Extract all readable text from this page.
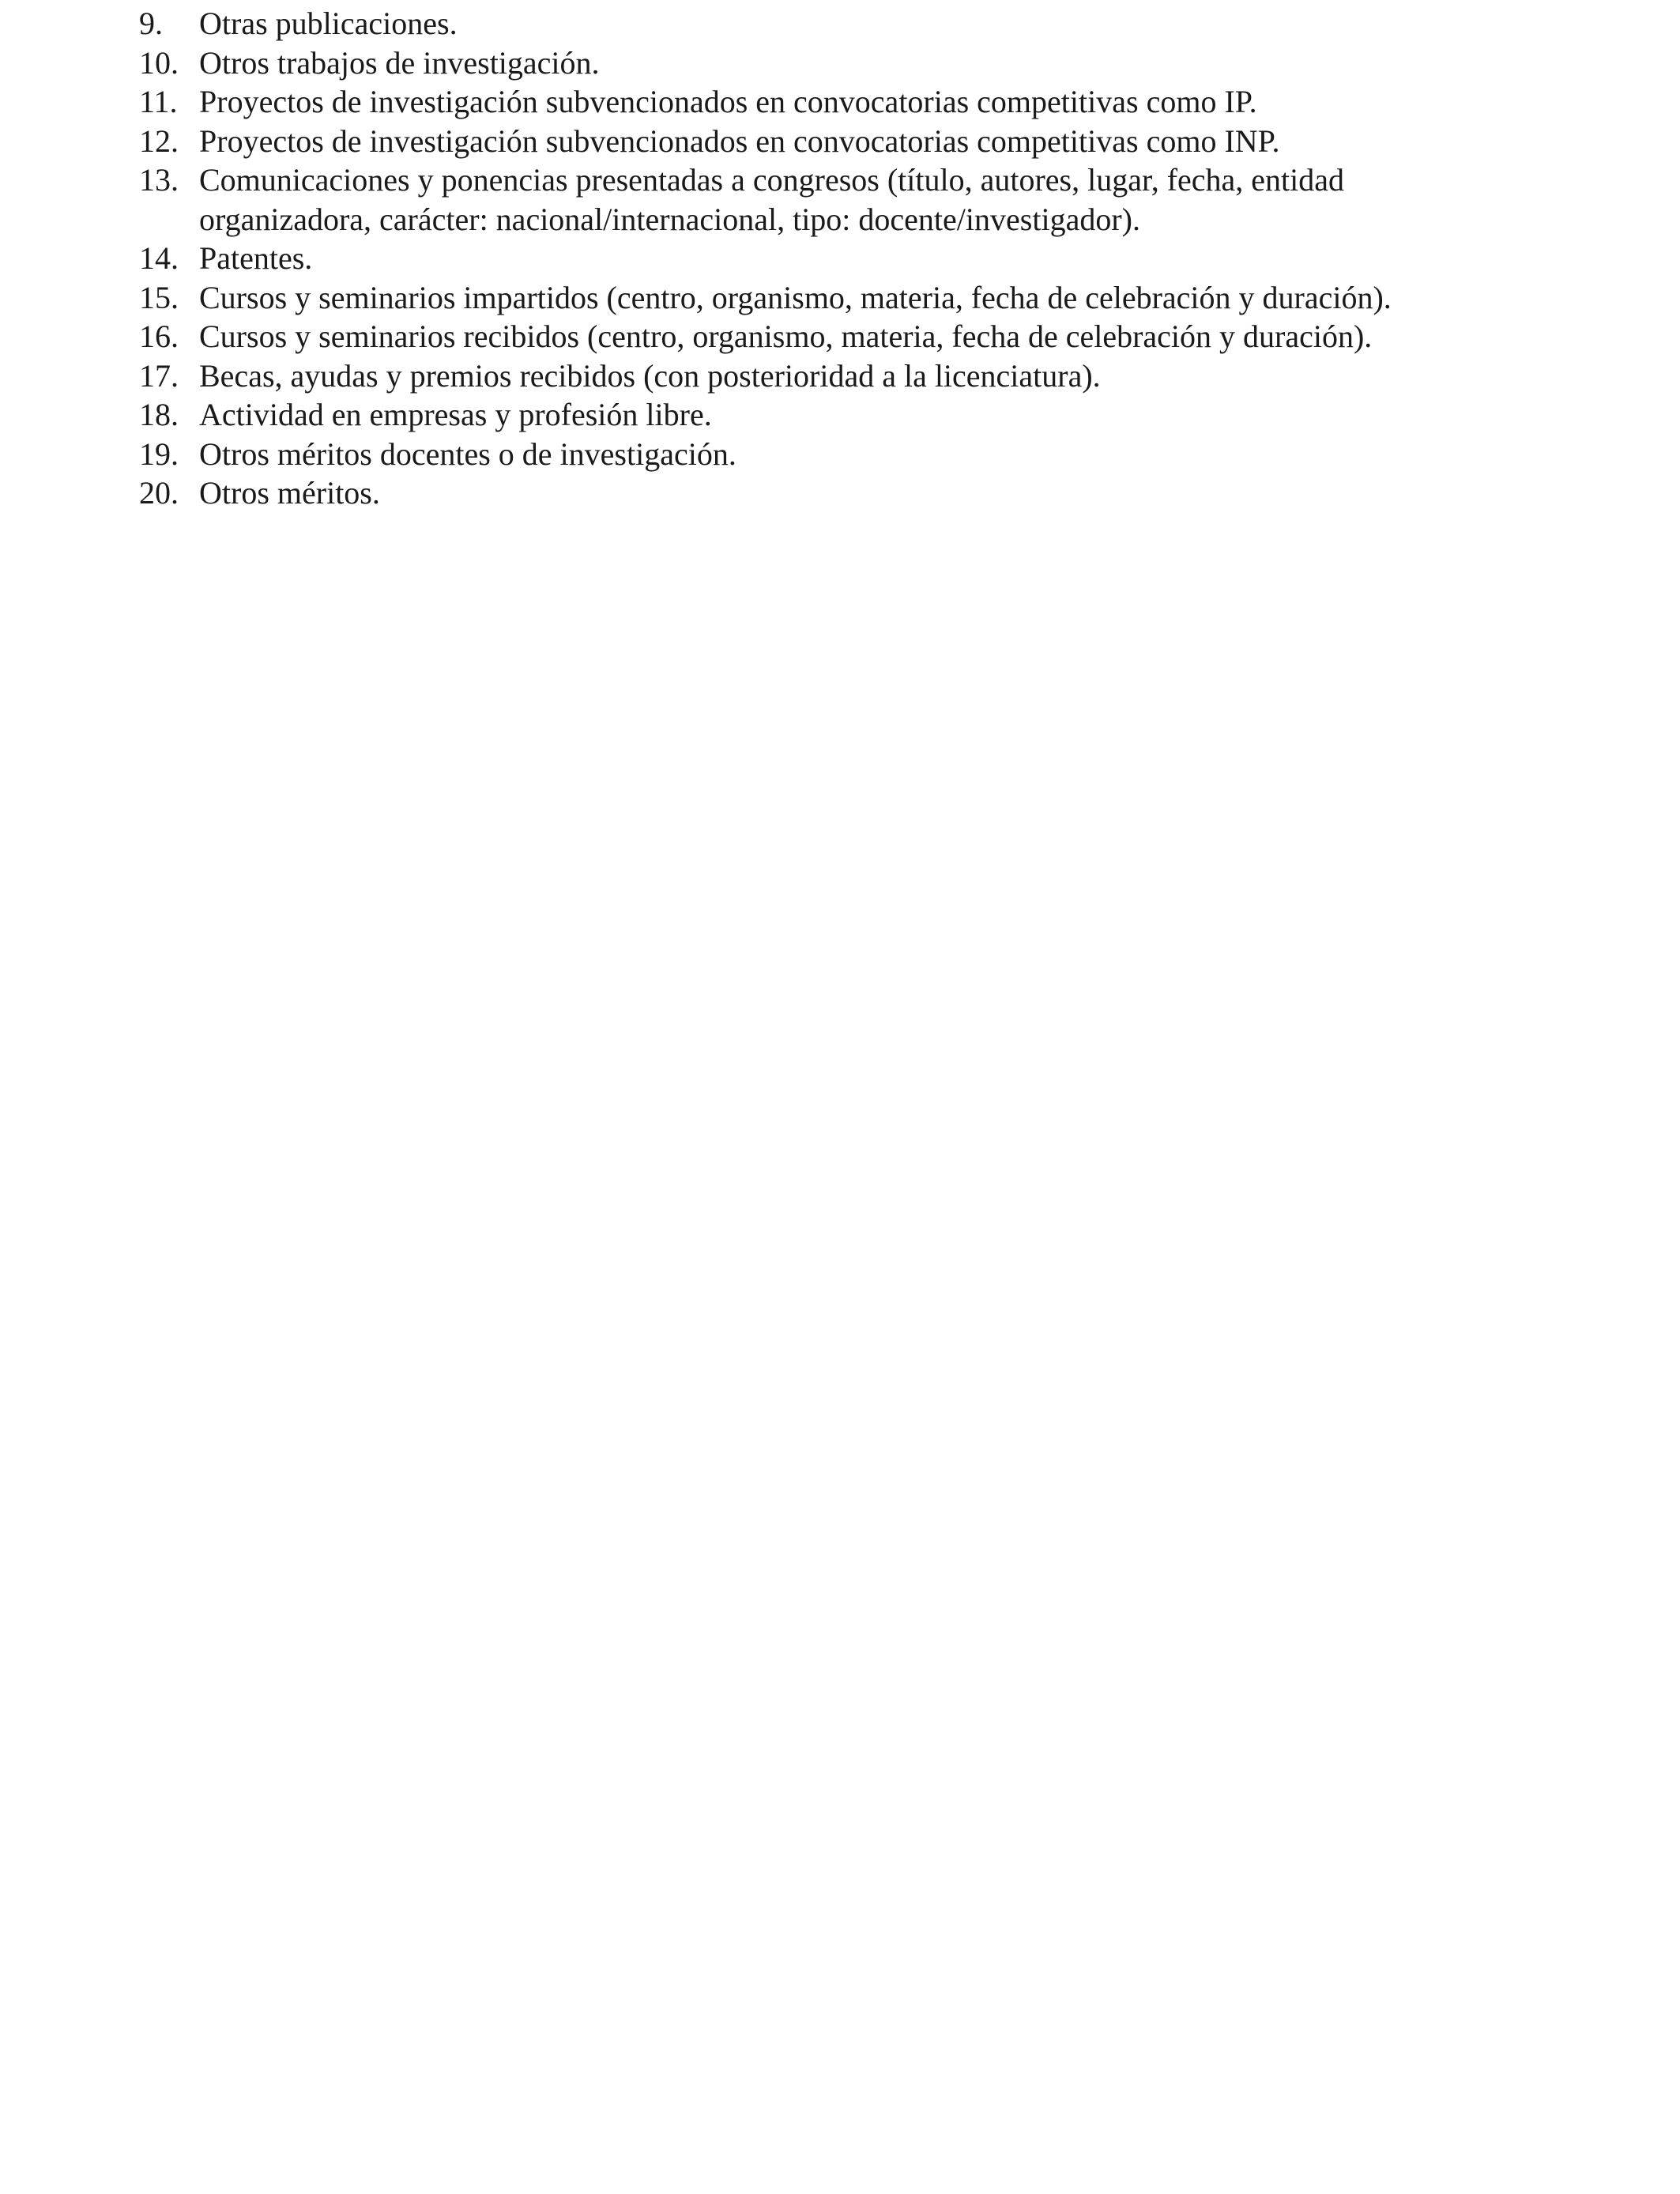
9.	Otras publicaciones.
10. Otros trabajos de investigación.
11. Proyectos de investigación subvencionados en convocatorias competitivas como IP.
12. Proyectos de investigación subvencionados en convocatorias competitivas como INP.
13. Comunicaciones y ponencias presentadas a congresos (título, autores, lugar, fecha, entidad
organizadora, carácter: nacional/internacional, tipo: docente/investigador).
14. Patentes.
15. Cursos y seminarios impartidos (centro, organismo, materia, fecha de celebración y duración).
16. Cursos y seminarios recibidos (centro, organismo, materia, fecha de celebración y duración).
17. Becas, ayudas y premios recibidos (con posterioridad a la licenciatura).
18. Actividad en empresas y profesión libre.
19. Otros méritos docentes o de investigación.
20. Otros méritos.
